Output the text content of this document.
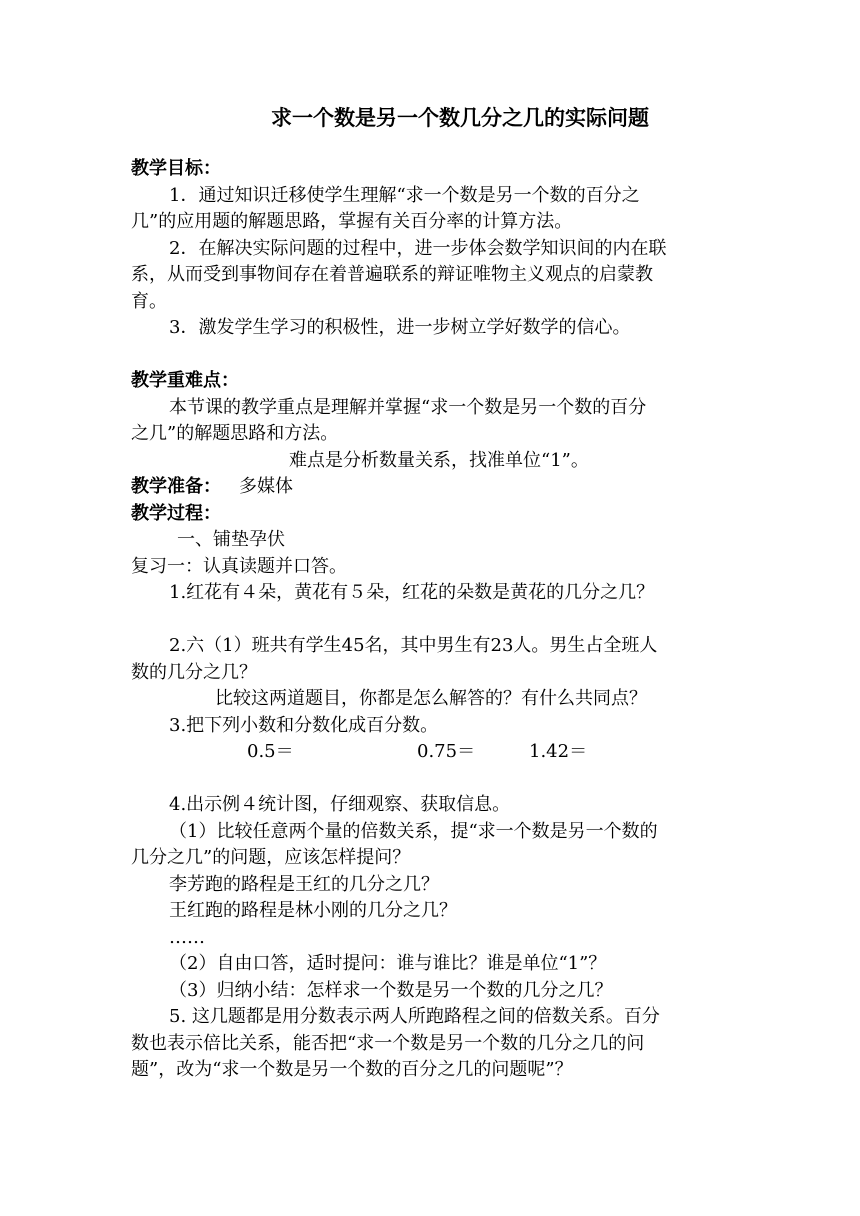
求一个数是另一个数几分之几的实际问题
教学目标：
1．通过知识迁移使学生理解“求一个数是另一个数的百分之
几”的应用题的解题思路，掌握有关百分率的计算方法。
2．在解决实际问题的过程中，进一步体会数学知识间的内在联
系，从而受到事物间存在着普遍联系的辩证唯物主义观点的启蒙教
育。
3．激发学生学习的积极性，进一步树立学好数学的信心。
教学重难点：
本节课的教学重点是理解并掌握“求一个数是另一个数的百分
之几”的解题思路和方法。
难点是分析数量关系，找准单位“1”。
教学准备： 多媒体
教学过程：
一、铺垫孕伏
复习一：认真读题并口答。
1.红花有４朵，黄花有５朵，红花的朵数是黄花的几分之几？
2.六（1）班共有学生45名，其中男生有23人。男生占全班人
数的几分之几？
比较这两道题目，你都是怎么解答的？有什么共同点？
3.把下列小数和分数化成百分数。
0.5＝	0.75＝	1.42＝
4.出示例４统计图，仔细观察、获取信息。
（1）比较任意两个量的倍数关系，提“求一个数是另一个数的
几分之几”的问题，应该怎样提问？
李芳跑的路程是王红的几分之几？
王红跑的路程是林小刚的几分之几？
……
（2）自由口答，适时提问：谁与谁比？谁是单位“1”？
（3）归纳小结：怎样求一个数是另一个数的几分之几？
5. 这几题都是用分数表示两人所跑路程之间的倍数关系。百分
数也表示倍比关系，能否把“求一个数是另一个数的几分之几的问
题”，改为“求一个数是另一个数的百分之几的问题呢”？
